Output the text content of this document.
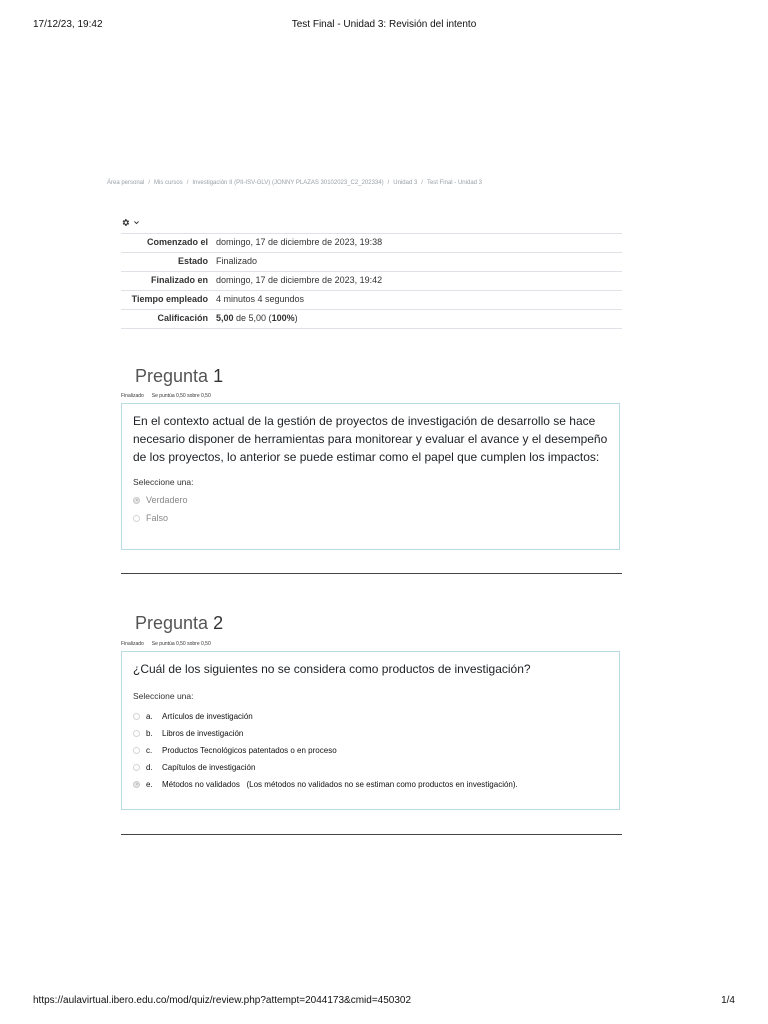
17/12/23, 19:42	Test Final - Unidad 3: Revisión del intento
Área personal / Mis cursos / Investigación II (PII-ISV-GLV) (JONNY PLAZAS 30102023_C2_202334) / Unidad 3 / Test Final - Unidad 3
Comenzado el	domingo, 17 de diciembre de 2023, 19:38
Estado	Finalizado
Finalizado en	domingo, 17 de diciembre de 2023, 19:42
Tiempo empleado	4 minutos 4 segundos
Calificación	5,00 de 5,00 (100%)
Pregunta 1
Finalizado Se puntúa 0,50 sobre 0,50

En el contexto actual de la gestión de proyectos de investigación de desarrollo se hace necesario disponer de herramientas para monitorear y evaluar el avance y el desempeño de los proyectos, lo anterior se puede estimar como el papel que cumplen los impactos:

Seleccione una:
Verdadero
Falso
Pregunta 2
Finalizado Se puntúa 0,50 sobre 0,50

¿Cuál de los siguientes no se considera como productos de investigación?

Seleccione una:
a.	Artículos de investigación
b.	Libros de investigación
c.	Productos Tecnológicos patentados o en proceso
d.	Capítulos de investigación
e.	Métodos no validados   (Los métodos no validados no se estiman como productos en investigación).
https://aulavirtual.ibero.edu.co/mod/quiz/review.php?attempt=2044173&cmid=450302	1/4
